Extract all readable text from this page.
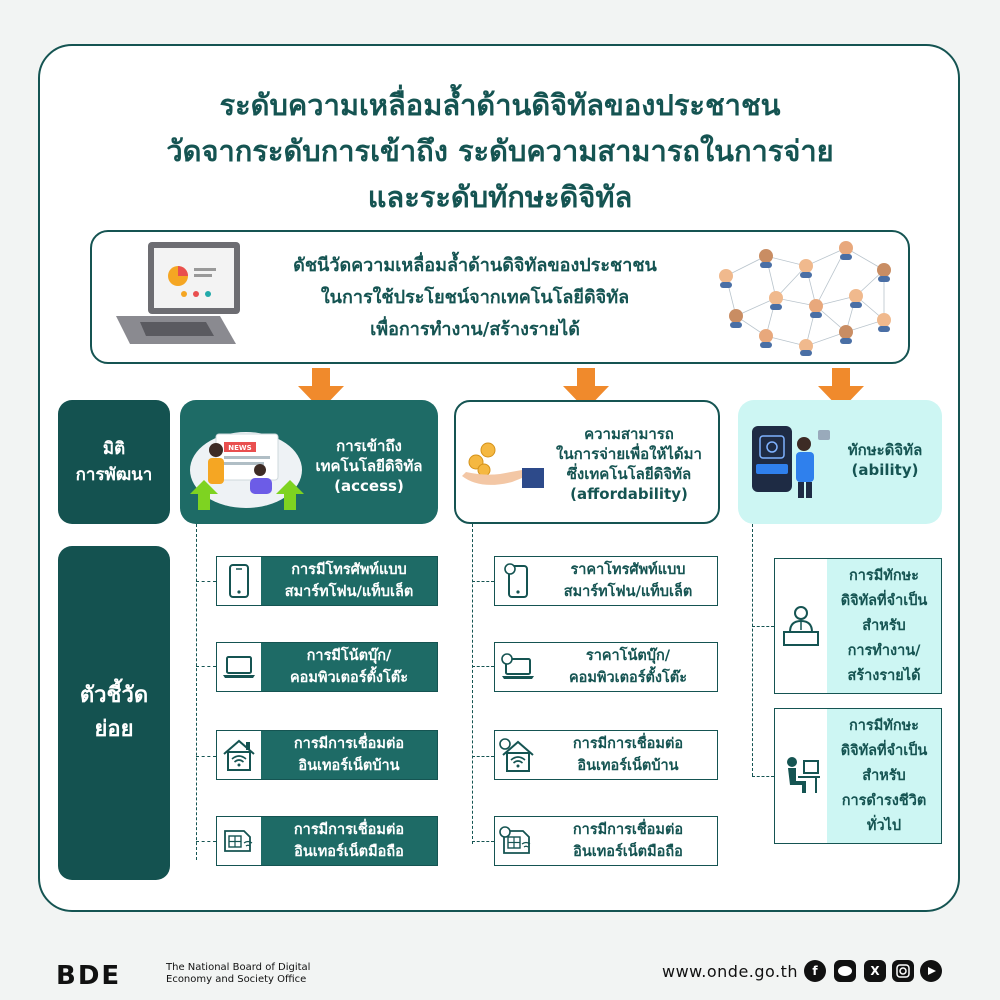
ระดับความเหลื่อมล้ำด้านดิจิทัลของประชาชน
วัดจากระดับการเข้าถึง ระดับความสามารถในการจ่าย
และระดับทักษะดิจิทัล
ดัชนีวัดความเหลื่อมล้ำด้านดิจิทัลของประชาชน
ในการใช้ประโยชน์จากเทคโนโลยีดิจิทัล
เพื่อการทำงาน/สร้างรายได้
มิติ
การพัฒนา
ตัวชี้วัด
ย่อย
NEWS	การเข้าถึง
เทคโนโลยีดิจิทัล
(access)
ความสามารถ
ในการจ่ายเพื่อให้ได้มา
ซึ่งเทคโนโลยีดิจิทัล
(affordability)
ทักษะดิจิทัล
(ability)
การมีโทรศัพท์แบบ
สมาร์ทโฟน/แท็บเล็ต
การมีโน้ตบุ๊ก/
คอมพิวเตอร์ตั้งโต๊ะ
การมีการเชื่อมต่อ
อินเทอร์เน็ตบ้าน
การมีการเชื่อมต่อ
อินเทอร์เน็ตมือถือ
ราคาโทรศัพท์แบบ
สมาร์ทโฟน/แท็บเล็ต
ราคาโน้ตบุ๊ก/
คอมพิวเตอร์ตั้งโต๊ะ
การมีการเชื่อมต่อ
อินเทอร์เน็ตบ้าน
การมีการเชื่อมต่อ
อินเทอร์เน็ตมือถือ
การมีทักษะ
ดิจิทัลที่จำเป็น
สำหรับ
การทำงาน/
สร้างรายได้
การมีทักษะ
ดิจิทัลที่จำเป็น
สำหรับ
การดำรงชีวิต
ทั่วไป
BDE	The National Board of Digital
Economy and Society Office	www.onde.go.th	f	X
